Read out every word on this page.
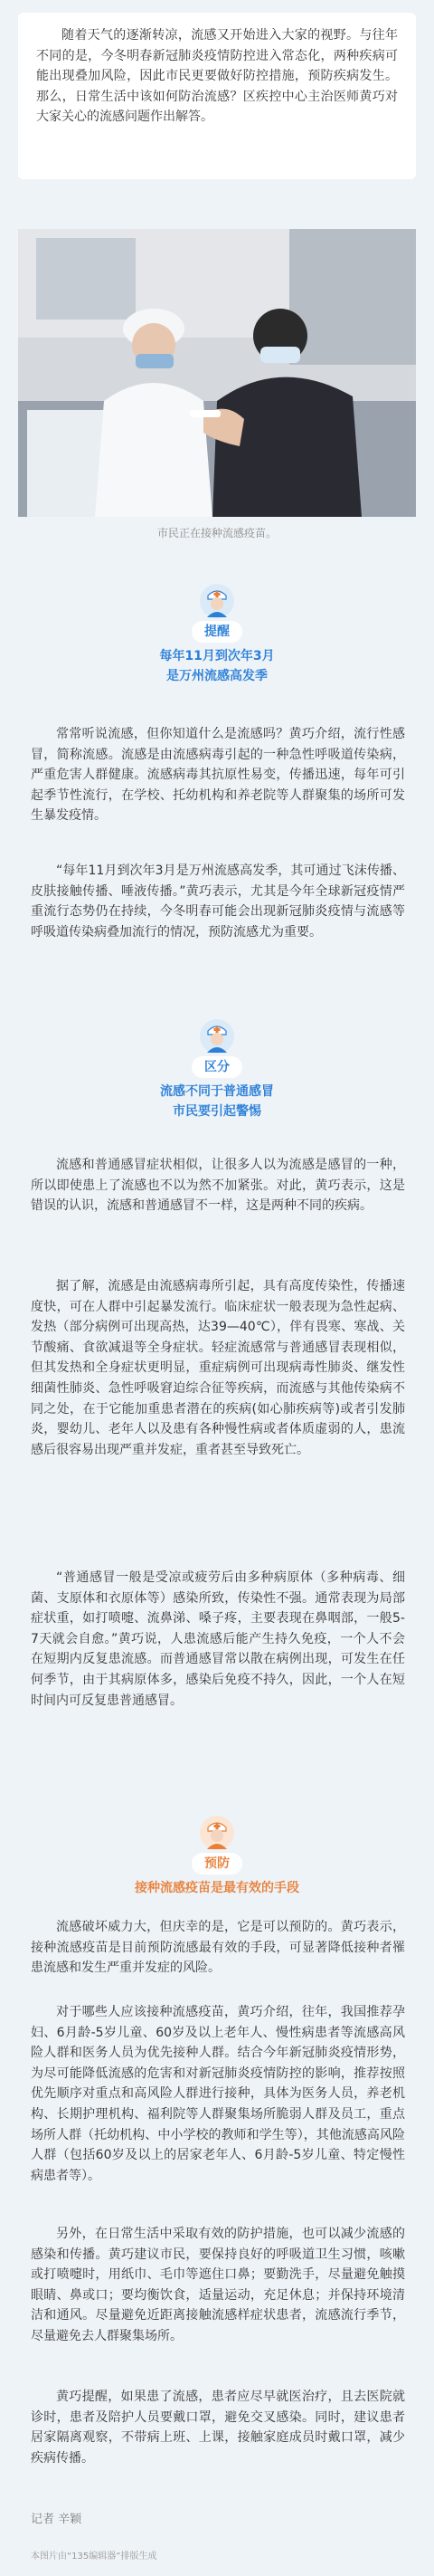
随着天气的逐渐转凉，流感又开始进入大家的视野。与往年不同的是，今冬明春新冠肺炎疫情防控进入常态化，两种疾病可能出现叠加风险，因此市民更要做好防控措施，预防疾病发生。那么，日常生活中该如何防治流感？区疾控中心主治医师黄巧对大家关心的流感问题作出解答。

市民正在接种流感疫苗。
提醒
每年11月到次年3月
是万州流感高发季

常常听说流感，但你知道什么是流感吗？黄巧介绍，流行性感冒，简称流感。流感是由流感病毒引起的一种急性呼吸道传染病，严重危害人群健康。流感病毒其抗原性易变，传播迅速，每年可引起季节性流行，在学校、托幼机构和养老院等人群聚集的场所可发生暴发疫情。

“每年11月到次年3月是万州流感高发季，其可通过飞沫传播、皮肤接触传播、唾液传播。”黄巧表示，尤其是今年全球新冠疫情严重流行态势仍在持续，今冬明春可能会出现新冠肺炎疫情与流感等呼吸道传染病叠加流行的情况，预防流感尤为重要。

区分
流感不同于普通感冒
市民要引起警惕

流感和普通感冒症状相似，让很多人以为流感是感冒的一种，所以即使患上了流感也不以为然不加紧张。对此，黄巧表示，这是错误的认识，流感和普通感冒不一样，这是两种不同的疾病。

据了解，流感是由流感病毒所引起，具有高度传染性，传播速度快，可在人群中引起暴发流行。临床症状一般表现为急性起病、发热（部分病例可出现高热，达39—40℃），伴有畏寒、寒战、关节酸痛、食欲减退等全身症状。轻症流感常与普通感冒表现相似，但其发热和全身症状更明显，重症病例可出现病毒性肺炎、继发性细菌性肺炎、急性呼吸窘迫综合征等疾病，而流感与其他传染病不同之处，在于它能加重患者潜在的疾病(如心肺疾病等)或者引发肺炎，婴幼儿、老年人以及患有各种慢性病或者体质虚弱的人，患流感后很容易出现严重并发症，重者甚至导致死亡。

“普通感冒一般是受凉或疲劳后由多种病原体（多种病毒、细菌、支原体和衣原体等）感染所致，传染性不强。通常表现为局部症状重，如打喷嚏、流鼻涕、嗓子疼，主要表现在鼻咽部，一般5-7天就会自愈。”黄巧说，人患流感后能产生持久免疫，一个人不会在短期内反复患流感。而普通感冒常以散在病例出现，可发生在任何季节，由于其病原体多，感染后免疫不持久，因此，一个人在短时间内可反复患普通感冒。

预防
接种流感疫苗是最有效的手段

流感破坏威力大，但庆幸的是，它是可以预防的。黄巧表示，接种流感疫苗是目前预防流感最有效的手段，可显著降低接种者罹患流感和发生严重并发症的风险。

对于哪些人应该接种流感疫苗，黄巧介绍，往年，我国推荐孕妇、6月龄-5岁儿童、60岁及以上老年人、慢性病患者等流感高风险人群和医务人员为优先接种人群。结合今年新冠肺炎疫情形势，为尽可能降低流感的危害和对新冠肺炎疫情防控的影响，推荐按照优先顺序对重点和高风险人群进行接种，具体为医务人员，养老机构、长期护理机构、福利院等人群聚集场所脆弱人群及员工，重点场所人群（托幼机构、中小学校的教师和学生等），其他流感高风险人群（包括60岁及以上的居家老年人、6月龄-5岁儿童、特定慢性病患者等）。

另外，在日常生活中采取有效的防护措施，也可以减少流感的感染和传播。黄巧建议市民，要保持良好的呼吸道卫生习惯，咳嗽或打喷嚏时，用纸巾、毛巾等遮住口鼻；要勤洗手，尽量避免触摸眼睛、鼻或口；要均衡饮食，适量运动，充足休息；并保持环境清洁和通风。尽量避免近距离接触流感样症状患者，流感流行季节，尽量避免去人群聚集场所。

黄巧提醒，如果患了流感，患者应尽早就医治疗，且去医院就诊时，患者及陪护人员要戴口罩，避免交叉感染。同时，建议患者居家隔离观察，不带病上班、上课，接触家庭成员时戴口罩，减少疾病传播。

记者 辛颖
本图片由“135编辑器”排版生成
